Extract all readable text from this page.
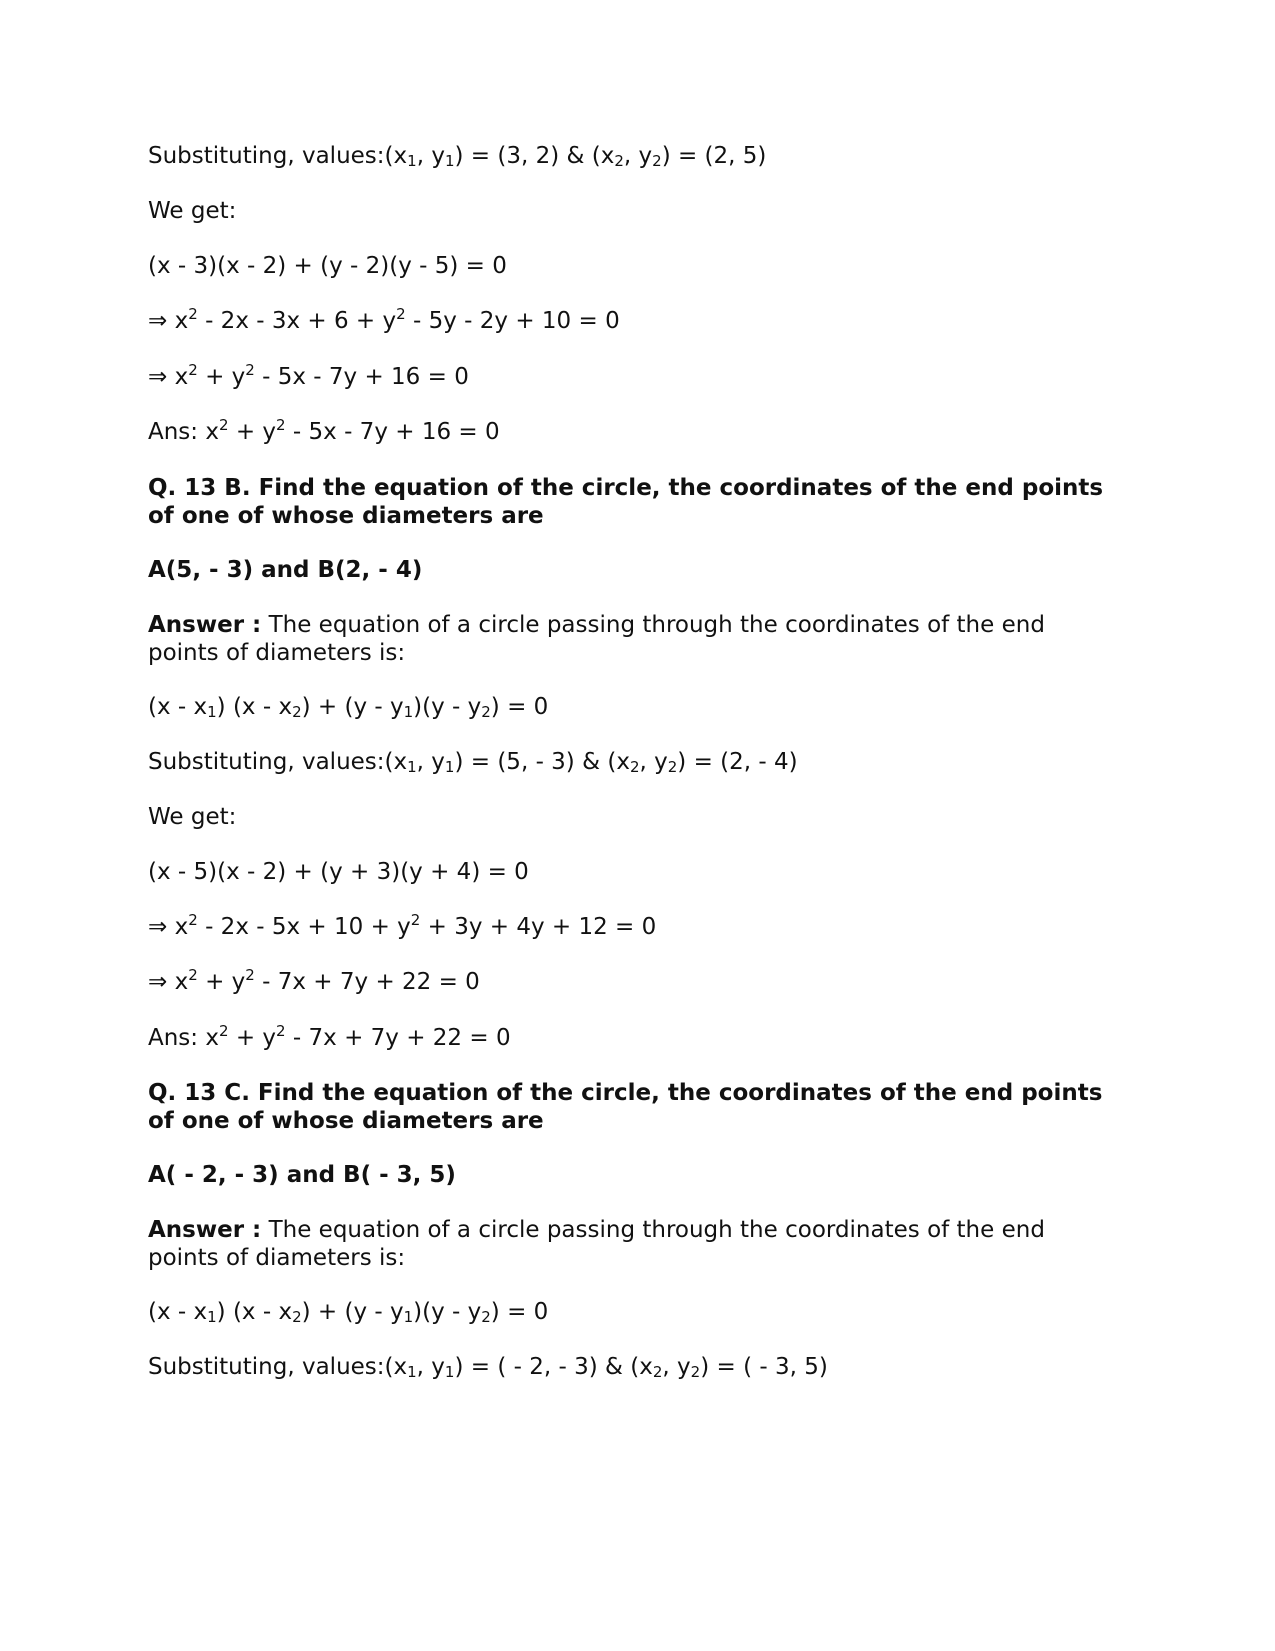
Substituting, $values:(x_1$, $y_1) = (3$, 2) & ($x_2$, $y_2) = (2$, 5)
We get:
(x - 3)(x - 2) + (y - 2)(y - 5) = 0
⇒ $x^2 - 2x - 3x + 6 + y^2 - 5y - 2y + 10 = 0$
⇒ $x^2 + y^2 - 5x - 7y + 16 = 0$
Ans: $x^2 + y^2 - 5x - 7y + 16 = 0$
Q. 13 B. Find the equation of the circle, the coordinates of the end points of one of whose diameters are
A(5, - 3) and B(2, - 4)
Answer : The equation of a circle passing through the coordinates of the end points of diameters is:
$(x - x_1)$ $(x - x_2) + (y - y_1)(y - y_2) = 0$
Substituting, $values:(x_1$, $y_1) = (5$, - 3) & ($x_2$, $y_2) = (2$, - 4)
We get:
(x - 5)(x - 2) + (y + 3)(y + 4) = 0
⇒ $x^2 - 2x - 5x + 10 + y^2 + 3y + 4y + 12 = 0$
⇒ $x^2 + y^2 - 7x + 7y + 22 = 0$
Ans: $x^2 + y^2 - 7x + 7y + 22 = 0$
Q. 13 C. Find the equation of the circle, the coordinates of the end points of one of whose diameters are
A( - 2, - 3) and B( - 3, 5)
Answer : The equation of a circle passing through the coordinates of the end points of diameters is:
$(x - x_1)$ $(x - x_2) + (y - y_1)(y - y_2) = 0$
Substituting, $values:(x_1$, $y_1$) = ( - 2, - 3) & ($x_2$, $y_2$) = ( - 3, 5)
